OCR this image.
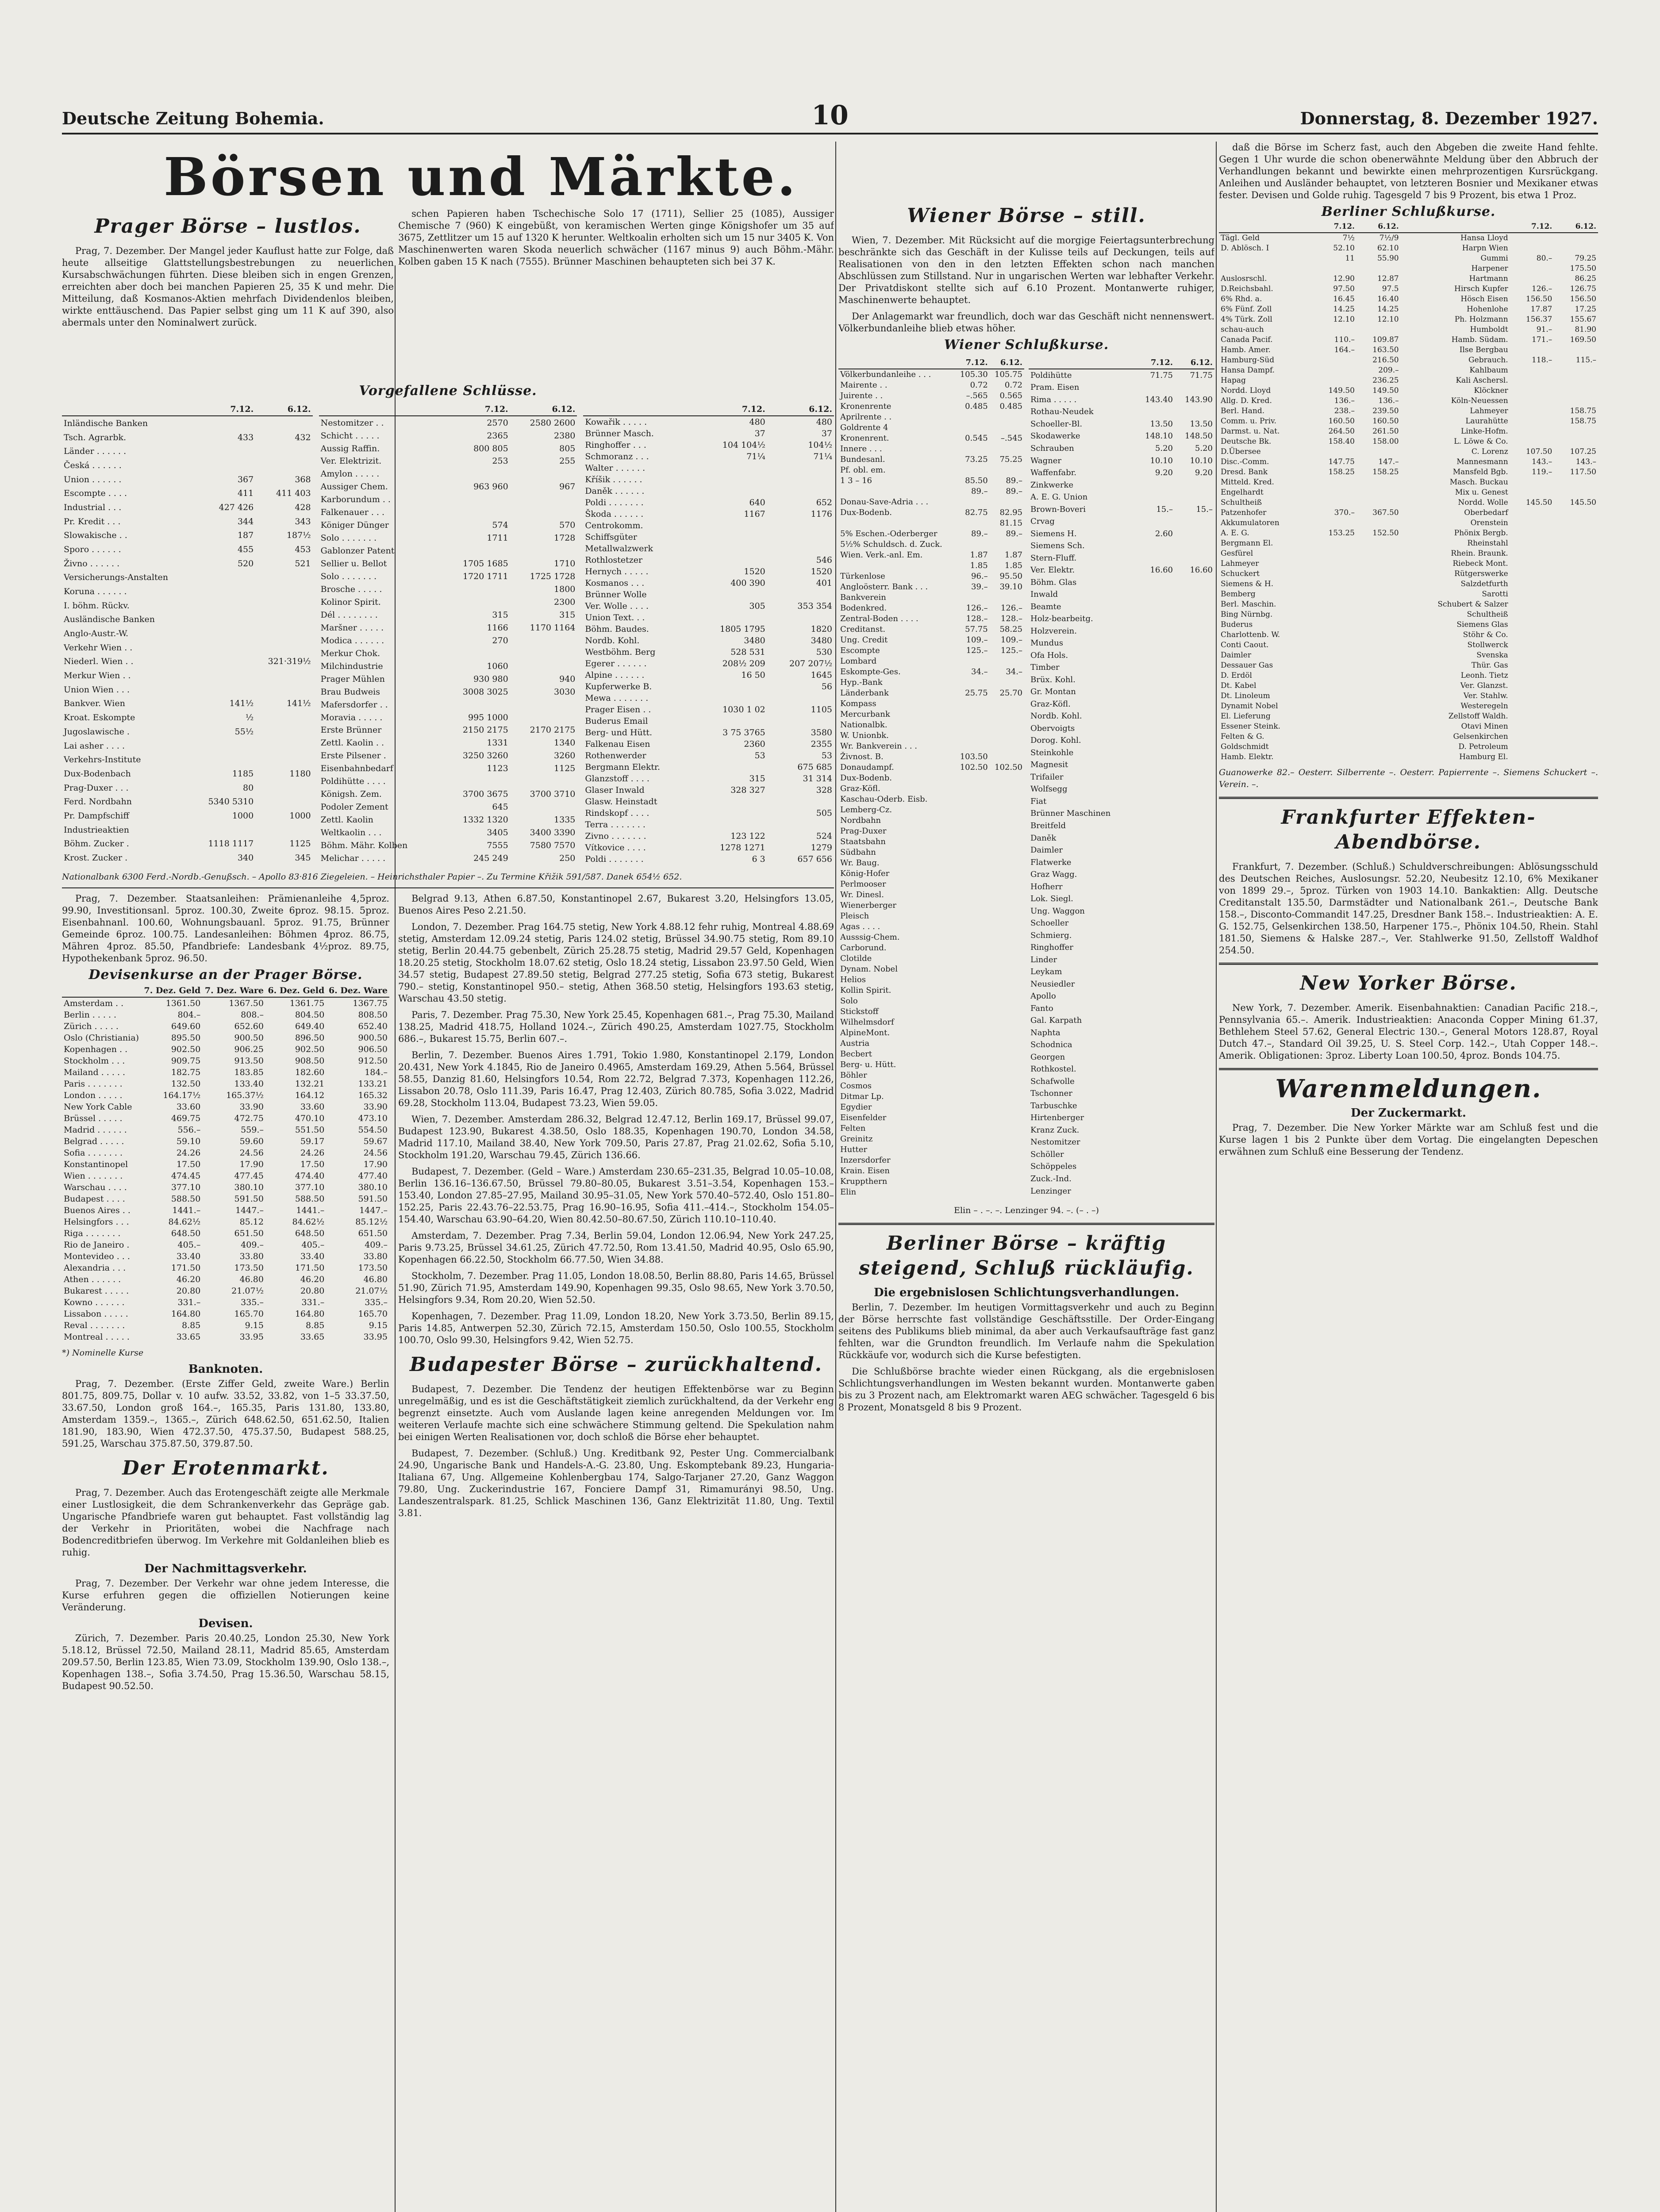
Deutsche Zeitung Bohemia.	10	Donnerstag, 8. Dezember 1927.
Börsen und Märkte.
Prager Börse – lustlos.

Prag, 7. Dezember. Der Mangel jeder Kauflust hatte zur Folge, daß heute allseitige Glattstellungsbestrebungen zu neuerlichen Kursabschwächungen führten. Diese bleiben sich in engen Grenzen, erreichten aber doch bei manchen Papieren 25, 35 K und mehr. Die Mitteilung, daß Kosmanos-Aktien mehrfach Dividendenlos bleiben, wirkte enttäuschend. Das Papier selbst ging um 11 K auf 390, also abermals unter den Nominalwert zurück.

schen Papieren haben Tschechische Solo 17 (1711), Sellier 25 (1085), Aussiger Chemische 7 (960) K eingebüßt, von keramischen Werten ginge Königshofer um 35 auf 3675, Zettlitzer um 15 auf 1320 K herunter. Weltkoalin erholten sich um 15 nur 3405 K. Von Maschinenwerten waren Skoda neuerlich schwächer (1167 minus 9) auch Böhm.-Mähr. Kolben gaben 15 K nach (7555). Brünner Maschinen behaupteten sich bei 37 K.

Vorgefallene Schlüsse.
	7.12.	6.12.
Inländische Banken		
Tsch. Agrarbk.	433	432
Länder . . . . . .		
Česká . . . . . .		
Union . . . . . .	367	368
Escompte . . . .	411	411 403
Industrial . . .	427 426	428
Pr. Kredit . . .	344	343
Slowakische . .	187	187½
Sporo . . . . . .	455	453
Živno . . . . . .	520	521
Versicherungs-Anstalten		
Koruna . . . . . .		
I. böhm. Rückv.		
Ausländische Banken		
Anglo-Austr.-W.		
Verkehr Wien . .		
Niederl. Wien . .		321·319½
Merkur Wien . .		
Union Wien . . .		
Bankver. Wien	141½	141½
Kroat. Eskompte	½	
Jugoslawische .	55½	
Lai asher . . . .		
Verkehrs-Institute		
Dux-Bodenbach	1185	1180
Prag-Duxer . . .	80	
Ferd. Nordbahn	5340 5310	
Pr. Dampfschiff	1000	1000
Industrieaktien		
Böhm. Zucker .	1118 1117	1125
Krost. Zucker .	340	345
	7.12.	6.12.
Nestomitzer . .	2570	2580 2600
Schicht . . . . .	2365	2380
Aussig Raffin.	800 805	805
Ver. Elektrizit.	253	255
Amylon . . . . .		
Aussiger Chem.	963 960	967
Karborundum . .		
Falkenauer . . .		
Königer Dünger	574	570
Solo . . . . . . .	1711	1728
Gablonzer Patent		
Sellier u. Bellot	1705 1685	1710
Solo . . . . . . .	1720 1711	1725 1728
Brosche . . . . .		1800
Kolinor Spirit.		2300
Dél . . . . . . . .	315	315
Maršner . . . . .	1166	1170 1164
Modica . . . . . .	270	
Merkur Chok.		
Milchindustrie	1060	
Prager Mühlen	930 980	940
Brau Budweis	3008 3025	3030
Mafersdorfer . .		
Moravia . . . . .	995 1000	
Erste Brünner	2150 2175	2170 2175
Zettl. Kaolin . .	1331	1340
Erste Pilsener .	3250 3260	3260
Eisenbahnbedarf	1123	1125
Poldihütte . . . .		
Königsh. Zem.	3700 3675	3700 3710
Podoler Zement	645	
Zettl. Kaolin	1332 1320	1335
Weltkaolin . . .	3405	3400 3390
Böhm. Mähr. Kolben	7555	7580 7570
Melichar . . . . .	245 249	250
	7.12.	6.12.
Kowařik . . . . .	480	480
Brünner Masch.	37	37
Ringhoffer . . .	104 104½	104½
Schmoranz . . .	71¼	71¼
Walter . . . . . .		
Kříšik . . . . . .		
Daněk . . . . . .		
Poldi . . . . . . .	640	652
Škoda . . . . . .	1167	1176
Centrokomm.		
Schiffsgüter		
Metallwalzwerk		
Rothlostetzer		546
Hernych . . . . .	1520	1520
Kosmanos . . .	400 390	401
Brünner Wolle		
Ver. Wolle . . . .	305	353 354
Union Text. . .		
Böhm. Baudes.	1805 1795	1820
Nordb. Kohl.	3480	3480
Westböhm. Berg	528 531	530
Egerer . . . . . .	208½ 209	207 207½
Alpine . . . . . .	16 50	1645
Kupferwerke B.		56
Mewa . . . . . . .		
Prager Eisen . .	1030 1 02	1105
Buderus Email		
Berg- und Hütt.	3 75 3765	3580
Falkenau Eisen	2360	2355
Rothenwerder	53	53
Bergmann Elektr.		675 685
Glanzstoff . . . .	315	31 314
Glaser Inwald	328 327	328
Glasw. Heinstadt		
Rindskopf . . . .		505
Terra . . . . . . .		
Zivno . . . . . . .	123 122	524
Vítkovice . . . .	1278 1271	1279
Poldi . . . . . . .	6 3	657 656
Nationalbank 6300 Ferd.-Nordb.-Genußsch. – Apollo 83·816 Ziegeleien. – Heinrichsthaler Papier –. Zu Termine Křižik 591/587. Danek 654½ 652.

Prag, 7. Dezember. Staatsanleihen: Prämienanleihe 4,5proz. 99.90, Investitionsanl. 5proz. 100.30, Zweite 6proz. 98.15. 5proz. Eisenbahnanl. 100.60, Wohnungsbauanl. 5proz. 91.75, Brünner Gemeinde 6proz. 100.75. Landesanleihen: Böhmen 4proz. 86.75, Mähren 4proz. 85.50, Pfandbriefe: Landesbank 4½proz. 89.75, Hypothekenbank 5proz. 96.50.

Devisenkurse an der Prager Börse.
	7. Dez. Geld	7. Dez. Ware	6. Dez. Geld	6. Dez. Ware
Amsterdam . .	1361.50	1367.50	1361.75	1367.75
Berlin . . . . .	804.–	808.–	804.50	808.50
Zürich . . . . .	649.60	652.60	649.40	652.40
Oslo (Christiania)	895.50	900.50	896.50	900.50
Kopenhagen . .	902.50	906.25	902.50	906.50
Stockholm . . .	909.75	913.50	908.50	912.50
Mailand . . . . .	182.75	183.85	182.60	184.–
Paris . . . . . . .	132.50	133.40	132.21	133.21
London . . . . .	164.17½	165.37½	164.12	165.32
New York Cable	33.60	33.90	33.60	33.90
Brüssel . . . . .	469.75	472.75	470.10	473.10
Madrid . . . . . .	556.–	559.–	551.50	554.50
Belgrad . . . . .	59.10	59.60	59.17	59.67
Sofia . . . . . . .	24.26	24.56	24.26	24.56
Konstantinopel	17.50	17.90	17.50	17.90
Wien . . . . . . .	474.45	477.45	474.40	477.40
Warschau . . . .	377.10	380.10	377.10	380.10
Budapest . . . .	588.50	591.50	588.50	591.50
Buenos Aires . .	1441.–	1447.–	1441.–	1447.–
Helsingfors . . .	84.62½	85.12	84.62½	85.12½
Riga . . . . . . .	648.50	651.50	648.50	651.50
Rio de Janeiro .	405.–	409.–	405.–	409.–
Montevideo . . .	33.40	33.80	33.40	33.80
Alexandria . . .	171.50	173.50	171.50	173.50
Athen . . . . . .	46.20	46.80	46.20	46.80
Bukarest . . . . .	20.80	21.07½	20.80	21.07½
Kowno . . . . . .	331.–	335.–	331.–	335.–
Lissabon . . . . .	164.80	165.70	164.80	165.70
Reval . . . . . . .	8.85	9.15	8.85	9.15
Montreal . . . . .	33.65	33.95	33.65	33.95
*) Nominelle Kurse
Banknoten.

Prag, 7. Dezember. (Erste Ziffer Geld, zweite Ware.) Berlin 801.75, 809.75, Dollar v. 10 aufw. 33.52, 33.82, von 1–5 33.37.50, 33.67.50, London groß 164.–, 165.35, Paris 131.80, 133.80, Amsterdam 1359.–, 1365.–, Zürich 648.62.50, 651.62.50, Italien 181.90, 183.90, Wien 472.37.50, 475.37.50, Budapest 588.25, 591.25, Warschau 375.87.50, 379.87.50.

Der Erotenmarkt.

Prag, 7. Dezember. Auch das Erotengeschäft zeigte alle Merkmale einer Lustlosigkeit, die dem Schrankenverkehr das Gepräge gab. Ungarische Pfandbriefe waren gut behauptet. Fast vollständig lag der Verkehr in Prioritäten, wobei die Nachfrage nach Bodencreditbriefen überwog. Im Verkehre mit Goldanleihen blieb es ruhig.

Der Nachmittagsverkehr.

Prag, 7. Dezember. Der Verkehr war ohne jedem Interesse, die Kurse erfuhren gegen die offiziellen Notierungen keine Veränderung.

Devisen.

Zürich, 7. Dezember. Paris 20.40.25, London 25.30, New York 5.18.12, Brüssel 72.50, Mailand 28.11, Madrid 85.65, Amsterdam 209.57.50, Berlin 123.85, Wien 73.09, Stockholm 139.90, Oslo 138.–, Kopenhagen 138.–, Sofia 3.74.50, Prag 15.36.50, Warschau 58.15, Budapest 90.52.50.

Belgrad 9.13, Athen 6.87.50, Konstantinopel 2.67, Bukarest 3.20, Helsingfors 13.05, Buenos Aires Peso 2.21.50.

London, 7. Dezember. Prag 164.75 stetig, New York 4.88.12 fehr ruhig, Montreal 4.88.69 stetig, Amsterdam 12.09.24 stetig, Paris 124.02 stetig, Brüssel 34.90.75 stetig, Rom 89.10 stetig, Berlin 20.44.75 gebenbelt, Zürich 25.28.75 stetig, Madrid 29.57 Geld, Kopenhagen 18.20.25 stetig, Stockholm 18.07.62 stetig, Oslo 18.24 stetig, Lissabon 23.97.50 Geld, Wien 34.57 stetig, Budapest 27.89.50 stetig, Belgrad 277.25 stetig, Sofia 673 stetig, Bukarest 790.– stetig, Konstantinopel 950.– stetig, Athen 368.50 stetig, Helsingfors 193.63 stetig, Warschau 43.50 stetig.

Paris, 7. Dezember. Prag 75.30, New York 25.45, Kopenhagen 681.–, Prag 75.30, Mailand 138.25, Madrid 418.75, Holland 1024.–, Zürich 490.25, Amsterdam 1027.75, Stockholm 686.–, Bukarest 15.75, Berlin 607.–.

Berlin, 7. Dezember. Buenos Aires 1.791, Tokio 1.980, Konstantinopel 2.179, London 20.431, New York 4.1845, Rio de Janeiro 0.4965, Amsterdam 169.29, Athen 5.564, Brüssel 58.55, Danzig 81.60, Helsingfors 10.54, Rom 22.72, Belgrad 7.373, Kopenhagen 112.26, Lissabon 20.78, Oslo 111.39, Paris 16.47, Prag 12.403, Zürich 80.785, Sofia 3.022, Madrid 69.28, Stockholm 113.04, Budapest 73.23, Wien 59.05.

Wien, 7. Dezember. Amsterdam 286.32, Belgrad 12.47.12, Berlin 169.17, Brüssel 99.07, Budapest 123.90, Bukarest 4.38.50, Oslo 188.35, Kopenhagen 190.70, London 34.58, Madrid 117.10, Mailand 38.40, New York 709.50, Paris 27.87, Prag 21.02.62, Sofia 5.10, Stockholm 191.20, Warschau 79.45, Zürich 136.66.

Budapest, 7. Dezember. (Geld – Ware.) Amsterdam 230.65–231.35, Belgrad 10.05–10.08, Berlin 136.16–136.67.50, Brüssel 79.80–80.05, Bukarest 3.51–3.54, Kopenhagen 153.–153.40, London 27.85–27.95, Mailand 30.95–31.05, New York 570.40–572.40, Oslo 151.80–152.25, Paris 22.43.76–22.53.75, Prag 16.90–16.95, Sofia 411.–414.–, Stockholm 154.05–154.40, Warschau 63.90–64.20, Wien 80.42.50–80.67.50, Zürich 110.10–110.40.

Amsterdam, 7. Dezember. Prag 7.34, Berlin 59.04, London 12.06.94, New York 247.25, Paris 9.73.25, Brüssel 34.61.25, Zürich 47.72.50, Rom 13.41.50, Madrid 40.95, Oslo 65.90, Kopenhagen 66.22.50, Stockholm 66.77.50, Wien 34.88.

Stockholm, 7. Dezember. Prag 11.05, London 18.08.50, Berlin 88.80, Paris 14.65, Brüssel 51.90, Zürich 71.95, Amsterdam 149.90, Kopenhagen 99.35, Oslo 98.65, New York 3.70.50, Helsingfors 9.34, Rom 20.20, Wien 52.50.

Kopenhagen, 7. Dezember. Prag 11.09, London 18.20, New York 3.73.50, Berlin 89.15, Paris 14.85, Antwerpen 52.30, Zürich 72.15, Amsterdam 150.50, Oslo 100.55, Stockholm 100.70, Oslo 99.30, Helsingfors 9.42, Wien 52.75.

Budapester Börse – zurückhaltend.

Budapest, 7. Dezember. Die Tendenz der heutigen Effektenbörse war zu Beginn unregelmäßig, und es ist die Geschäftstätigkeit ziemlich zurückhaltend, da der Verkehr eng begrenzt einsetzte. Auch vom Auslande lagen keine anregenden Meldungen vor. Im weiteren Verlaufe machte sich eine schwächere Stimmung geltend. Die Spekulation nahm bei einigen Werten Realisationen vor, doch schloß die Börse eher behauptet.

Budapest, 7. Dezember. (Schluß.) Ung. Kreditbank 92, Pester Ung. Commercialbank 24.90, Ungarische Bank und Handels-A.-G. 23.80, Ung. Eskomptebank 89.23, Hungaria-Italiana 67, Ung. Allgemeine Kohlenbergbau 174, Salgo-Tarjaner 27.20, Ganz Waggon 79.80, Ung. Zuckerindustrie 167, Fonciere Dampf 31, Rimamurányi 98.50, Ung. Landeszentralspark. 81.25, Schlick Maschinen 136, Ganz Elektrizität 11.80, Ung. Textil 3.81.

Wiener Börse – still.

Wien, 7. Dezember. Mit Rücksicht auf die morgige Feiertagsunterbrechung beschränkte sich das Geschäft in der Kulisse teils auf Deckungen, teils auf Realisationen von den in den letzten Effekten schon nach manchen Abschlüssen zum Stillstand. Nur in ungarischen Werten war lebhafter Verkehr. Der Privatdiskont stellte sich auf 6.10 Prozent. Montanwerte ruhiger, Maschinenwerte behauptet.

Der Anlagemarkt war freundlich, doch war das Geschäft nicht nennenswert. Völkerbundanleihe blieb etwas höher.

Wiener Schlußkurse.
	7.12.	6.12.
Völkerbundanleihe . . .	105.30	105.75
Mairente . .	0.72	0.72
Juirente . .	–.565	0.565
Kronenrente	0.485	0.485
Aprilrente . .		
Goldrente 4		
Kronenrent.	0.545	–.545
Innere . . .		
Bundesanl.	73.25	75.25
Pf. obl. em.		
1 3 – 16	85.50	89.–
	89.–	89.–
Donau-Save-Adria . . .		
Dux-Bodenb.	82.75	82.95
		81.15
5% Eschen.-Oderberger	89.–	89.–
5½% Schuldsch. d. Zuck.		
Wien. Verk.-anl. Em.	1.87	1.87
	1.85	1.85
Türkenlose	96.–	95.50
Angloösterr. Bank . . .	39.–	39.10
Bankverein		
Bodenkred.	126.–	126.–
Zentral-Boden . . . .	128.–	128.–
Creditanst.	57.75	58.25
Ung. Credit	109.–	109.–
Escompte	125.–	125.–
Lombard		
Eskompte-Ges.	34.–	34.–
Hyp.-Bank		
Länderbank	25.75	25.70
Kompass		
Mercurbank		
Nationalbk.		
W. Unionbk.		
Wr. Bankverein . . .		
Živnost. B.	103.50	
Donaudampf.	102.50	102.50
Dux-Bodenb.		
Graz-Köfl.		
Kaschau-Oderb. Eisb.		
Lemberg-Cz.		
Nordbahn		
Prag-Duxer		
Staatsbahn		
Südbahn		
Wr. Baug.		
König-Hofer		
Perlmooser		
Wr. Dinesl.		
Wienerberger		
Pleisch		
Agas . . . .		
Ausssig-Chem.		
Carborund.		
Clotilde		
Dynam. Nobel		
Helios		
Kollin Spirit.		
Solo		
Stickstoff		
Wilhelmsdorf		
AlpineMont.		
Austria		
Becbert		
Berg- u. Hütt.		
Böhler		
Cosmos		
Ditmar Lp.		
Egydier		
Eisenfelder		
Felten		
Greinitz		
Hutter		
Inzersdorfer		
Krain. Eisen		
Kruppthern		
Elin		
	7.12.	6.12.
Poldihütte	71.75	71.75
Pram. Eisen		
Rima . . . . .	143.40	143.90
Rothau-Neudek		
Schoeller-Bl.	13.50	13.50
Skodawerke	148.10	148.50
Schrauben	5.20	5.20
Wagner	10.10	10.10
Waffenfabr.	9.20	9.20
Zinkwerke		
A. E. G. Union		
Brown-Boveri	15.–	15.–
Crvag		
Siemens H.	2.60	
Siemens Sch.		
Stern-Fluff.		
Ver. Elektr.	16.60	16.60
Böhm. Glas		
Inwald		
Beamte		
Holz-bearbeitg.		
Holzverein.		
Mundus		
Ofa Hols.		
Timber		
Brüx. Kohl.		
Gr. Montan		
Graz-Köfl.		
Nordb. Kohl.		
Obervoigts		
Dorog. Kohl.		
Steinkohle		
Magnesit		
Trifailer		
Wolfsegg		
Fiat		
Brünner Maschinen		
Breitfeld		
Daněk		
Daimler		
Flatwerke		
Graz Wagg.		
Hofherr		
Lok. Siegl.		
Ung. Waggon		
Schoeller		
Schmierg.		
Ringhoffer		
Linder		
Leykam		
Neusiedler		
Apollo		
Fanto		
Gal. Karpath		
Naphta		
Schodnica		
Georgen		
Rothkostel.		
Schafwolle		
Tschonner		
Tarbuschke		
Hirtenberger		
Kranz Zuck.		
Nestomitzer		
Schöller		
Schöppeles		
Zuck.-Ind.		
Lenzinger		
Elin – . –. –. Lenzinger 94. –. (– . –)
Berliner Börse – kräftig steigend, Schluß rückläufig.
Die ergebnislosen Schlichtungsverhandlungen.

Berlin, 7. Dezember. Im heutigen Vormittagsverkehr und auch zu Beginn der Börse herrschte fast vollständige Geschäftsstille. Der Order-Eingang seitens des Publikums blieb minimal, da aber auch Verkaufsaufträge fast ganz fehlten, war die Grundton freundlich. Im Verlaufe nahm die Spekulation Rückkäufe vor, wodurch sich die Kurse befestigten.

Die Schlußbörse brachte wieder einen Rückgang, als die ergebnislosen Schlichtungsverhandlungen im Westen bekannt wurden. Montanwerte gaben bis zu 3 Prozent nach, am Elektromarkt waren AEG schwächer. Tagesgeld 6 bis 8 Prozent, Monatsgeld 8 bis 9 Prozent.

daß die Börse im Scherz fast, auch den Abgeben die zweite Hand fehlte. Gegen 1 Uhr wurde die schon obenerwähnte Meldung über den Abbruch der Verhandlungen bekannt und bewirkte einen mehrprozentigen Kursrückgang. Anleihen und Ausländer behauptet, von letzteren Bosnier und Mexikaner etwas fester. Devisen und Golde ruhig. Tagesgeld 7 bis 9 Prozent, bis etwa 1 Proz.

Berliner Schlußkurse.
	7.12.	6.12.		7.12.	6.12.
Tägl. Geld	7½	7½/9	Hansa Lloyd		
D. Ablösch. I	52.10	62.10	Harpn Wien		
	11	55.90	Gummi	80.–	79.25
			Harpener		175.50
Auslosrschl.	12.90	12.87	Hartmann		86.25
D.Reichsbahl.	97.50	97.5	Hirsch Kupfer	126.–	126.75
6% Rhd. a.	16.45	16.40	Hösch Eisen	156.50	156.50
6% Fünf. Zoll	14.25	14.25	Hohenlohe	17.87	17.25
4% Türk. Zoll	12.10	12.10	Ph. Holzmann	156.37	155.67
schau-auch			Humboldt	91.–	81.90
Canada Pacif.	110.–	109.87	Hamb. Südam.	171.–	169.50
Hamb. Amer.	164.–	163.50	Ilse Bergbau		
Hamburg-Süd		216.50	Gebrauch.	118.–	115.–
Hansa Dampf.		209.–	Kahlbaum		
Hapag		236.25	Kali Aschersl.		
Nordd. Lloyd	149.50	149.50	Klöckner		
Allg. D. Kred.	136.–	136.–	Köln-Neuessen		
Berl. Hand.	238.–	239.50	Lahmeyer		158.75
Comm. u. Priv.	160.50	160.50	Laurahütte		158.75
Darmst. u. Nat.	264.50	261.50	Linke-Hofm.		
Deutsche Bk.	158.40	158.00	L. Löwe & Co.		
D.Übersee			C. Lorenz	107.50	107.25
Disc.-Comm.	147.75	147.–	Mannesmann	143.–	143.–
Dresd. Bank	158.25	158.25	Mansfeld Bgb.	119.–	117.50
Mitteld. Kred.			Masch. Buckau		
Engelhardt			Mix u. Genest		
Schultheiß			Nordd. Wolle	145.50	145.50
Patzenhofer	370.–	367.50	Oberbedarf		
Akkumulatoren			Orenstein		
A. E. G.	153.25	152.50	Phönix Bergb.		
Bergmann El.			Rheinstahl		
Gesfürel			Rhein. Braunk.		
Lahmeyer			Riebeck Mont.		
Schuckert			Rütgerswerke		
Siemens & H.			Salzdetfurth		
Bemberg			Sarotti		
Berl. Maschin.			Schubert & Salzer		
Bing Nürnbg.			Schultheiß		
Buderus			Siemens Glas		
Charlottenb. W.			Stöhr & Co.		
Conti Caout.			Stollwerck		
Daimler			Svenska		
Dessauer Gas			Thür. Gas		
D. Erdöl			Leonh. Tietz		
Dt. Kabel			Ver. Glanzst.		
Dt. Linoleum			Ver. Stahlw.		
Dynamit Nobel			Westeregeln		
El. Lieferung			Zellstoff Waldh.		
Essener Steink.			Otavi Minen		
Felten & G.			Gelsenkirchen		
Goldschmidt			D. Petroleum		
Hamb. Elektr.			Hamburg El.		
Guanowerke 82.– Oesterr. Silberrente –. Oesterr. Papierrente –. Siemens Schuckert –. Verein. –.
Frankfurter Effekten-Abendbörse.

Frankfurt, 7. Dezember. (Schluß.) Schuldverschreibungen: Ablösungsschuld des Deutschen Reiches, Auslosungsr. 52.20, Neubesitz 12.10, 6% Mexikaner von 1899 29.–, 5proz. Türken von 1903 14.10. Bankaktien: Allg. Deutsche Creditanstalt 135.50, Darmstädter und Nationalbank 261.–, Deutsche Bank 158.–, Disconto-Commandit 147.25, Dresdner Bank 158.–. Industrieaktien: A. E. G. 152.75, Gelsenkirchen 138.50, Harpener 175.–, Phönix 104.50, Rhein. Stahl 181.50, Siemens & Halske 287.–, Ver. Stahlwerke 91.50, Zellstoff Waldhof 254.50.

New Yorker Börse.

New York, 7. Dezember. Amerik. Eisenbahnaktien: Canadian Pacific 218.–, Pennsylvania 65.–. Amerik. Industrieaktien: Anaconda Copper Mining 61.37, Bethlehem Steel 57.62, General Electric 130.–, General Motors 128.87, Royal Dutch 47.–, Standard Oil 39.25, U. S. Steel Corp. 142.–, Utah Copper 148.–. Amerik. Obligationen: 3proz. Liberty Loan 100.50, 4proz. Bonds 104.75.

Warenmeldungen.
Der Zuckermarkt.

Prag, 7. Dezember. Die New Yorker Märkte war am Schluß fest und die Kurse lagen 1 bis 2 Punkte über dem Vortag. Die eingelangten Depeschen erwähnen zum Schluß eine Besserung der Tendenz.
